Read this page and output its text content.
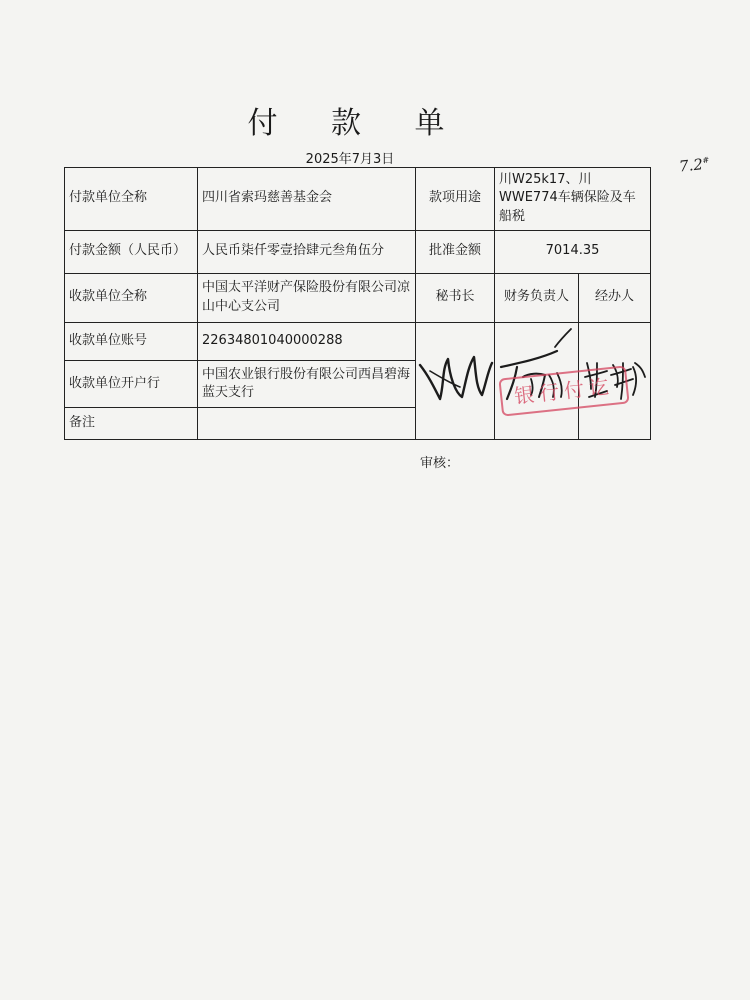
付 款 单
2025年7月3日	7.2#
付款单位全称	四川省索玛慈善基金会	款项用途	川W25k17、川WWE774车辆保险及车船税	
付款金额（人民币）	人民币柒仟零壹拾肆元叁角伍分	批准金额	7014.35	
收款单位全称	中国太平洋财产保险股份有限公司凉山中心支公司	秘书长	财务负责人	经办人
收款单位账号	22634801040000288	

收款单位开户行	中国农业银行股份有限公司西昌碧海蓝天支行			
备注				
银行付讫
审核：
